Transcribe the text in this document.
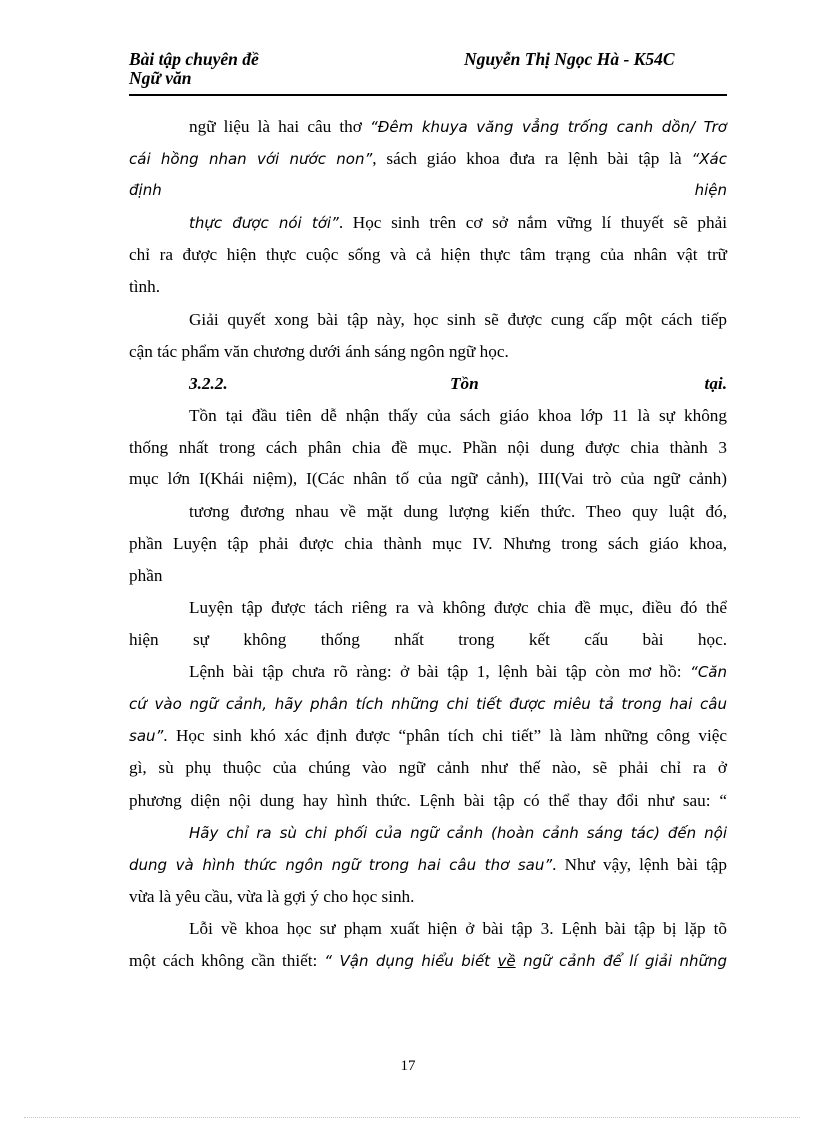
Bài tập chuyên đề
Ngữ văn
Nguyễn Thị Ngọc Hà - K54C
ngữ liệu là hai câu thơ “Đêm khuya văng vẳng trống canh dồn/ Trơ
cái hồng nhan với nước non”, sách giáo khoa đưa ra lệnh bài tập là “Xác
định	hiện
thực được nói tới”. Học sinh trên cơ sở nắm vững lí thuyết sẽ phải
chỉ ra được hiện thực cuộc sống và cả hiện thực tâm trạng của nhân vật trữ
tình.
Giải quyết xong bài tập này, học sinh sẽ được cung cấp một cách tiếp
cận tác phẩm văn chương dưới ánh sáng ngôn ngữ học.
3.2.2.	Tồn	tại.
Tồn tại đầu tiên dễ nhận thấy của sách giáo khoa lớp 11 là sự không
thống nhất trong cách phân chia đề mục. Phần nội dung được chia thành 3
mục lớn I(Khái niệm), I(Các nhân tố của ngữ cảnh), III(Vai trò của ngữ cảnh)
tương đương nhau về mặt dung lượng kiến thức. Theo quy luật đó,
phần Luyện tập phải được chia thành mục IV. Nhưng trong sách giáo khoa,
phần
Luyện tập được tách riêng ra và không được chia đề mục, điều đó thể
hiện sự không thống nhất trong kết cấu bài học.
Lệnh bài tập chưa rõ ràng: ở bài tập 1, lệnh bài tập còn mơ hồ: “Căn
cứ vào ngữ cảnh, hãy phân tích những chi tiết được miêu tả trong hai câu
sau”. Học sinh khó xác định được “phân tích chi tiết” là làm những công việc
gì, sù phụ thuộc của chúng vào ngữ cảnh như thế nào, sẽ phải chỉ ra ở
phương diện nội dung hay hình thức. Lệnh bài tập có thể thay đổi như sau: “
Hãy chỉ ra sù chi phối của ngữ cảnh (hoàn cảnh sáng tác) đến nội
dung và hình thức ngôn ngữ trong hai câu thơ sau”. Như vậy, lệnh bài tập
vừa là yêu cầu, vừa là gợi ý cho học sinh.
Lỗi về khoa học sư phạm xuất hiện ở bài tập 3. Lệnh bài tập bị lặp tõ
một cách không cần thiết: “ Vận dụng hiểu biết về ngữ cảnh để lí giải những
17
